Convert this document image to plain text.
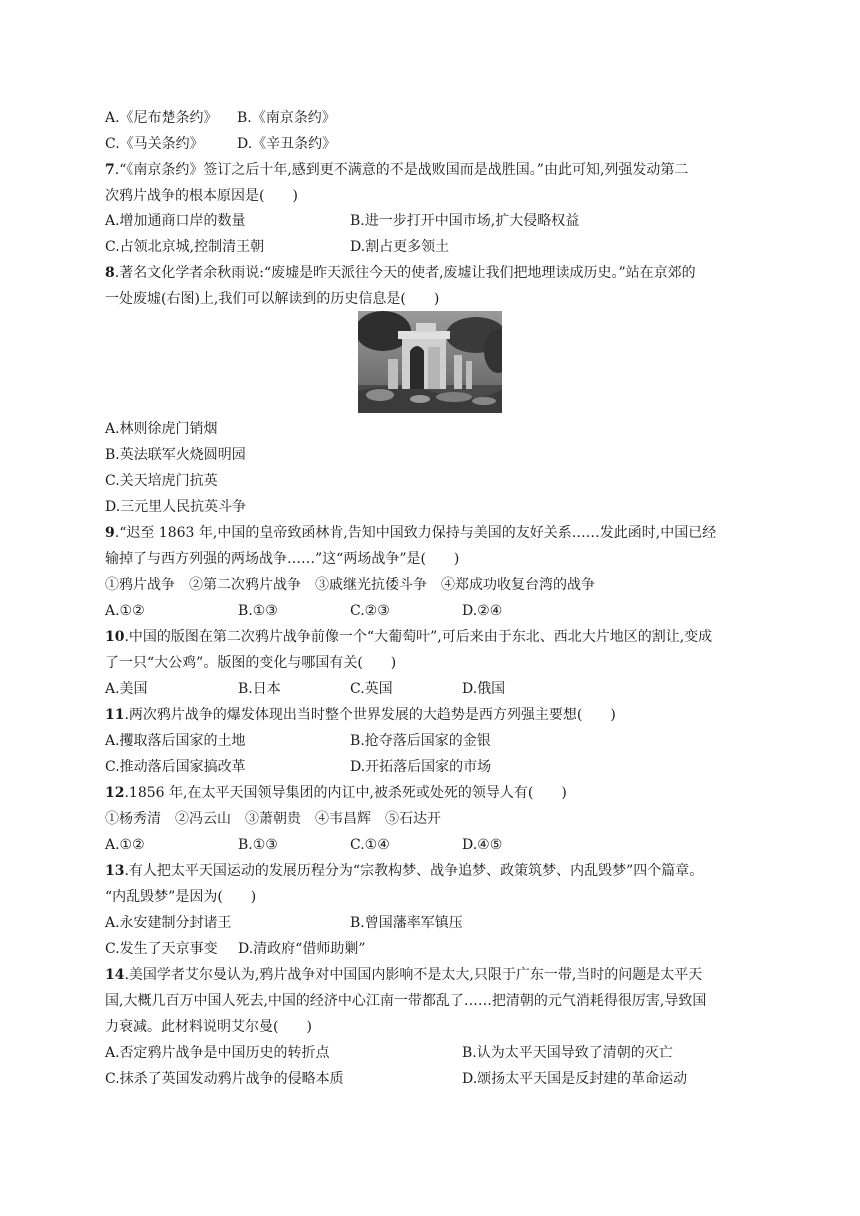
A.《尼布楚条约》 B.《南京条约》
C.《马关条约》 D.《辛丑条约》
7.“《南京条约》签订之后十年,感到更不满意的不是战败国而是战胜国。”由此可知,列强发动第二
次鸦片战争的根本原因是(　　)
A.增加通商口岸的数量	B.进一步打开中国市场,扩大侵略权益
C.占领北京城,控制清王朝	D.割占更多领土
8.著名文化学者余秋雨说:“废墟是昨天派往今天的使者,废墟让我们把地理读成历史。”站在京郊的
一处废墟(右图)上,我们可以解读到的历史信息是(　　)
A.林则徐虎门销烟
B.英法联军火烧圆明园
C.关天培虎门抗英
D.三元里人民抗英斗争
9.“迟至 1863 年,中国的皇帝致函林肯,告知中国致力保持与美国的友好关系……发此函时,中国已经
输掉了与西方列强的两场战争……”这“两场战争”是(　　)
①鸦片战争　②第二次鸦片战争　③戚继光抗倭斗争　④郑成功收复台湾的战争
A.①②	B.①③	C.②③	D.②④
10.中国的版图在第二次鸦片战争前像一个“大葡萄叶”,可后来由于东北、西北大片地区的割让,变成
了一只“大公鸡”。版图的变化与哪国有关(　　)
A.美国	B.日本	C.英国	D.俄国
11.两次鸦片战争的爆发体现出当时整个世界发展的大趋势是西方列强主要想(　　)
A.攫取落后国家的土地	B.抢夺落后国家的金银
C.推动落后国家搞改革	D.开拓落后国家的市场
12.1856 年,在太平天国领导集团的内讧中,被杀死或处死的领导人有(　　)
①杨秀清　②冯云山　③萧朝贵　④韦昌辉　⑤石达开
A.①②	B.①③	C.①④	D.④⑤
13.有人把太平天国运动的发展历程分为“宗教构梦、战争追梦、政策筑梦、内乱毁梦”四个篇章。
“内乱毁梦”是因为(　　)
A.永安建制分封诸王	B.曾国藩率军镇压
C.发生了天京事变 D.清政府“借师助剿”
14.美国学者艾尔曼认为,鸦片战争对中国国内影响不是太大,只限于广东一带,当时的问题是太平天
国,大概几百万中国人死去,中国的经济中心江南一带都乱了……把清朝的元气消耗得很厉害,导致国
力衰减。此材料说明艾尔曼(　　)
A.否定鸦片战争是中国历史的转折点	B.认为太平天国导致了清朝的灭亡
C.抹杀了英国发动鸦片战争的侵略本质	D.颂扬太平天国是反封建的革命运动
